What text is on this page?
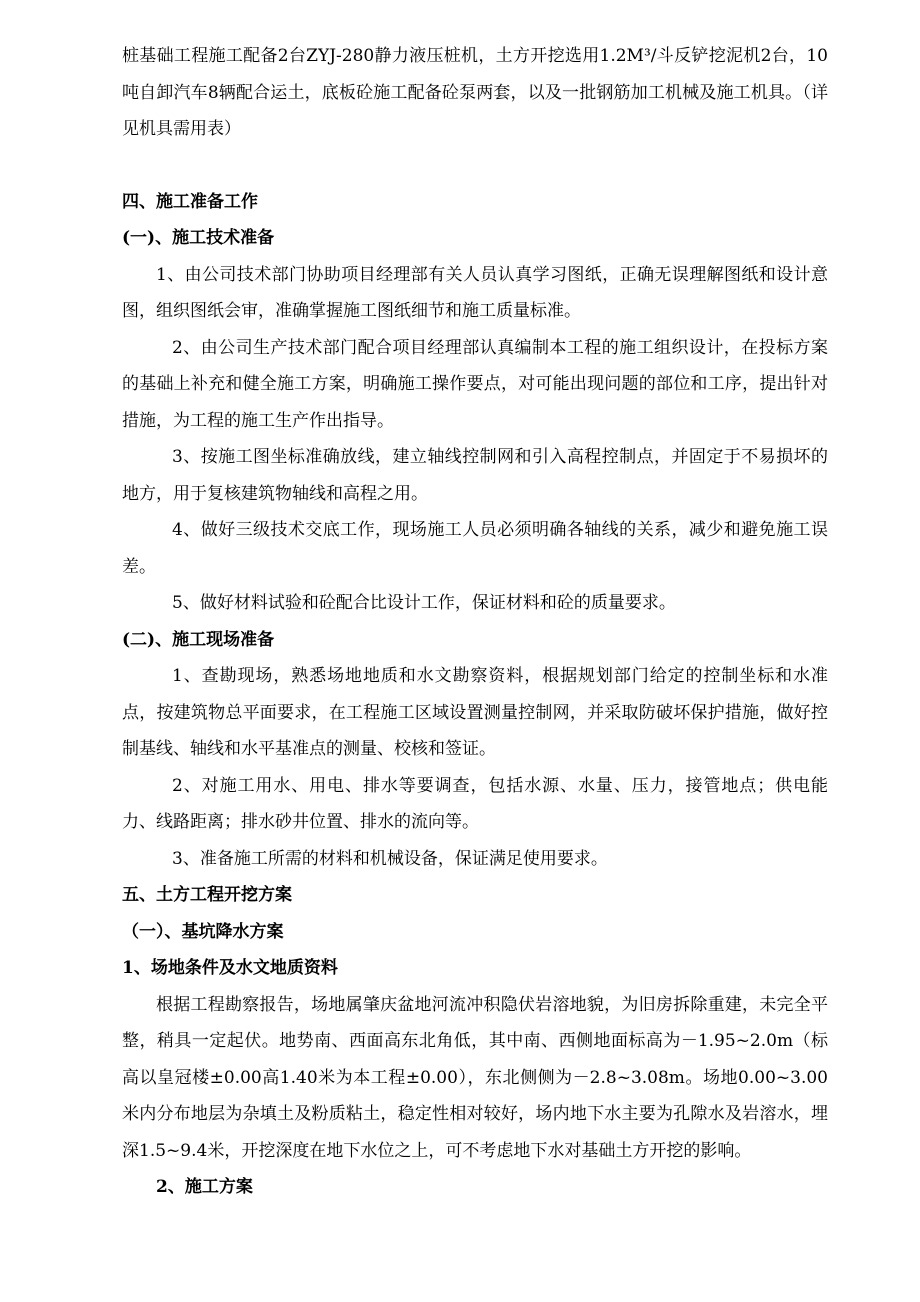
桩基础工程施工配备2台ZYJ-280静力液压桩机，土方开挖选用1.2M³/斗反铲挖泥机2台，10吨自卸汽车8辆配合运土，底板砼施工配备砼泵两套，以及一批钢筋加工机械及施工机具。（详见机具需用表）

四、施工准备工作

(一)、施工技术准备

1、由公司技术部门协助项目经理部有关人员认真学习图纸，正确无误理解图纸和设计意图，组织图纸会审，准确掌握施工图纸细节和施工质量标准。

2、由公司生产技术部门配合项目经理部认真编制本工程的施工组织设计，在投标方案的基础上补充和健全施工方案，明确施工操作要点，对可能出现问题的部位和工序，提出针对措施，为工程的施工生产作出指导。

3、按施工图坐标准确放线，建立轴线控制网和引入高程控制点，并固定于不易损坏的地方，用于复核建筑物轴线和高程之用。

4、做好三级技术交底工作，现场施工人员必须明确各轴线的关系，减少和避免施工误差。

5、做好材料试验和砼配合比设计工作，保证材料和砼的质量要求。

(二)、施工现场准备

1、查勘现场，熟悉场地地质和水文勘察资料，根据规划部门给定的控制坐标和水准点，按建筑物总平面要求，在工程施工区域设置测量控制网，并采取防破坏保护措施，做好控制基线、轴线和水平基准点的测量、校核和签证。

2、对施工用水、用电、排水等要调查，包括水源、水量、压力，接管地点；供电能力、线路距离；排水砂井位置、排水的流向等。

3、准备施工所需的材料和机械设备，保证满足使用要求。

五、土方工程开挖方案

（一）、基坑降水方案

1、场地条件及水文地质资料

根据工程勘察报告，场地属肇庆盆地河流冲积隐伏岩溶地貌，为旧房拆除重建，未完全平整，稍具一定起伏。地势南、西面高东北角低，其中南、西侧地面标高为－1.95~2.0m（标高以皇冠楼±0.00高1.40米为本工程±0.00），东北侧侧为－2.8~3.08m。场地0.00~3.00米内分布地层为杂填土及粉质粘土，稳定性相对较好，场内地下水主要为孔隙水及岩溶水，埋深1.5~9.4米，开挖深度在地下水位之上，可不考虑地下水对基础土方开挖的影响。

2、施工方案
